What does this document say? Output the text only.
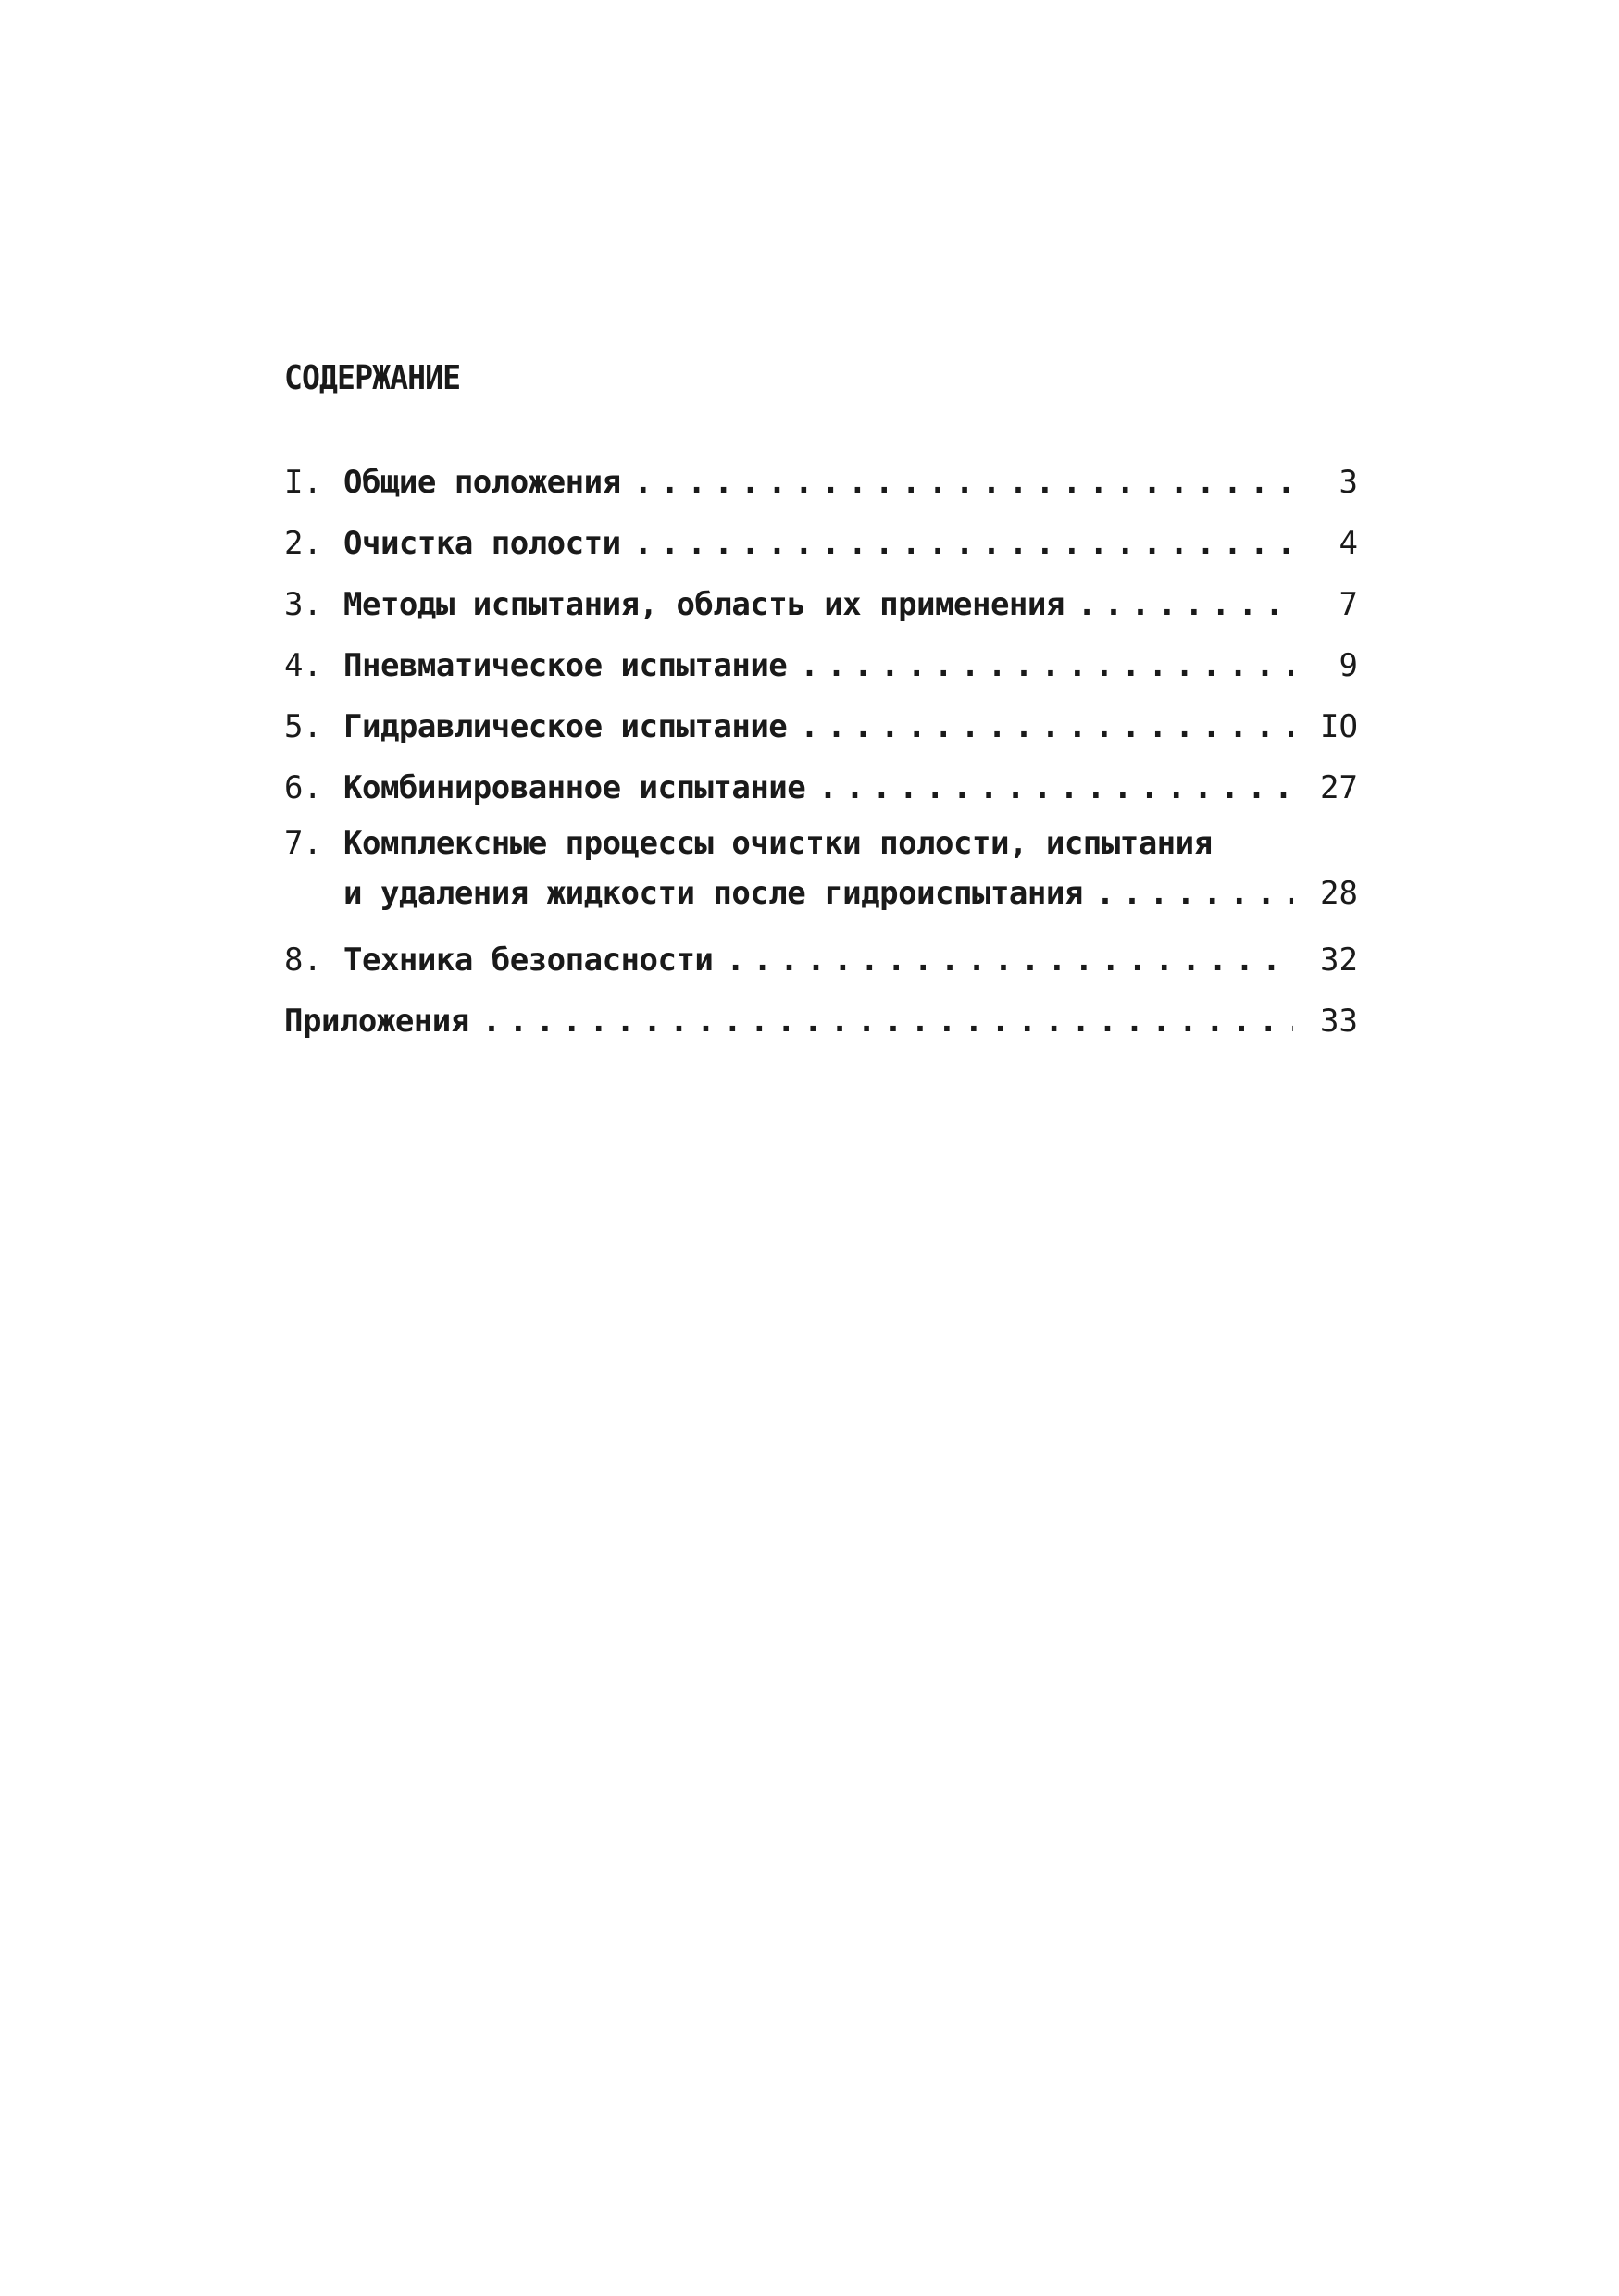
СОДЕРЖАНИЕ
I. Общие положения . . .	3
2. Очистка полости . . .	4
3. Методы испытания, область их применения . . .	7
4. Пневматическое испытание . . .	9
5. Гидравлическое испытание . . .	IO
6. Комбинированное испытание . . .	27
7. Комплексные процессы очистки полости, испытания
и удаления жидкости после гидроиспытания . . .	28
8. Техника безопасности . . .	32
Приложения . . .	33
